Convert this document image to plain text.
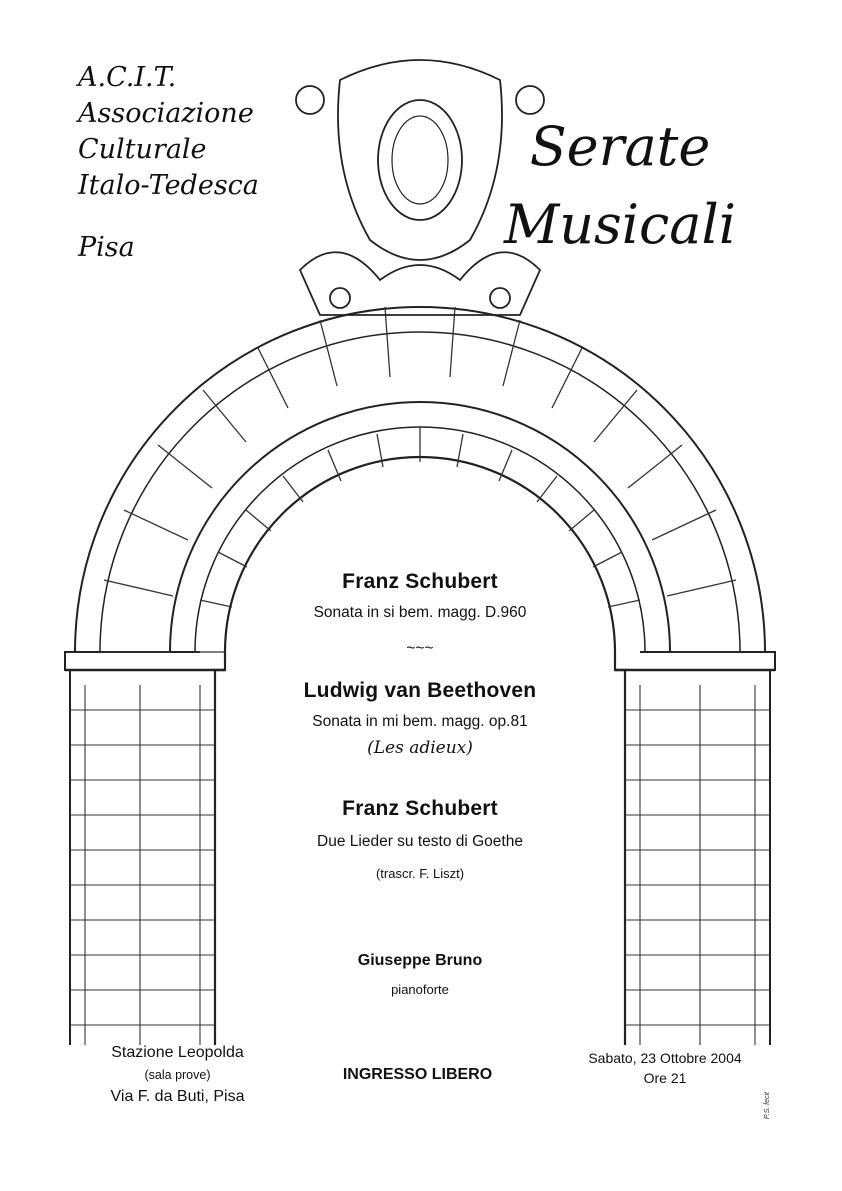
A.C.I.T.
Associazione
Culturale
Italo-Tedesca
Pisa
Serate
Musicali
Franz Schubert
Sonata in si bem. magg. D.960
~~~
Ludwig van Beethoven
Sonata in mi bem. magg. op.81
(Les adieux)
Franz Schubert
Due Lieder su testo di Goethe
(trascr. F. Liszt)
Giuseppe Bruno
pianoforte
Stazione Leopolda
(sala prove)
Via F. da Buti, Pisa
INGRESSO LIBERO
Sabato, 23 Ottobre 2004
Ore 21
P.S. fecit
